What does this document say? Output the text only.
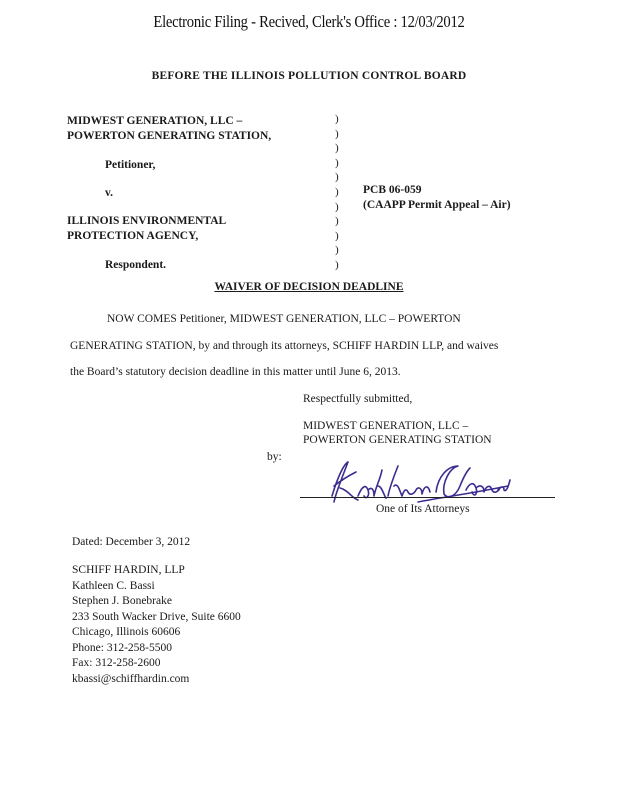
Electronic Filing - Recived, Clerk's Office : 12/03/2012
BEFORE THE ILLINOIS POLLUTION CONTROL BOARD
MIDWEST GENERATION, LLC –
POWERTON GENERATING STATION,
Petitioner,
v.
ILLINOIS ENVIRONMENTAL
PROTECTION AGENCY,
Respondent.
)
)
)
)
)
)
)
)
)
)
)
PCB 06-059
(CAAPP Permit Appeal – Air)
WAIVER OF DECISION DEADLINE
NOW COMES Petitioner, MIDWEST GENERATION, LLC – POWERTON
GENERATING STATION, by and through its attorneys, SCHIFF HARDIN LLP, and waives
the Board’s statutory decision deadline in this matter until June 6, 2013.
Respectfully submitted,
MIDWEST GENERATION, LLC –
POWERTON GENERATING STATION
by:
One of Its Attorneys
Dated: December 3, 2012
SCHIFF HARDIN, LLP
Kathleen C. Bassi
Stephen J. Bonebrake
233 South Wacker Drive, Suite 6600
Chicago, Illinois 60606
Phone: 312-258-5500
Fax: 312-258-2600
kbassi@schiffhardin.com
